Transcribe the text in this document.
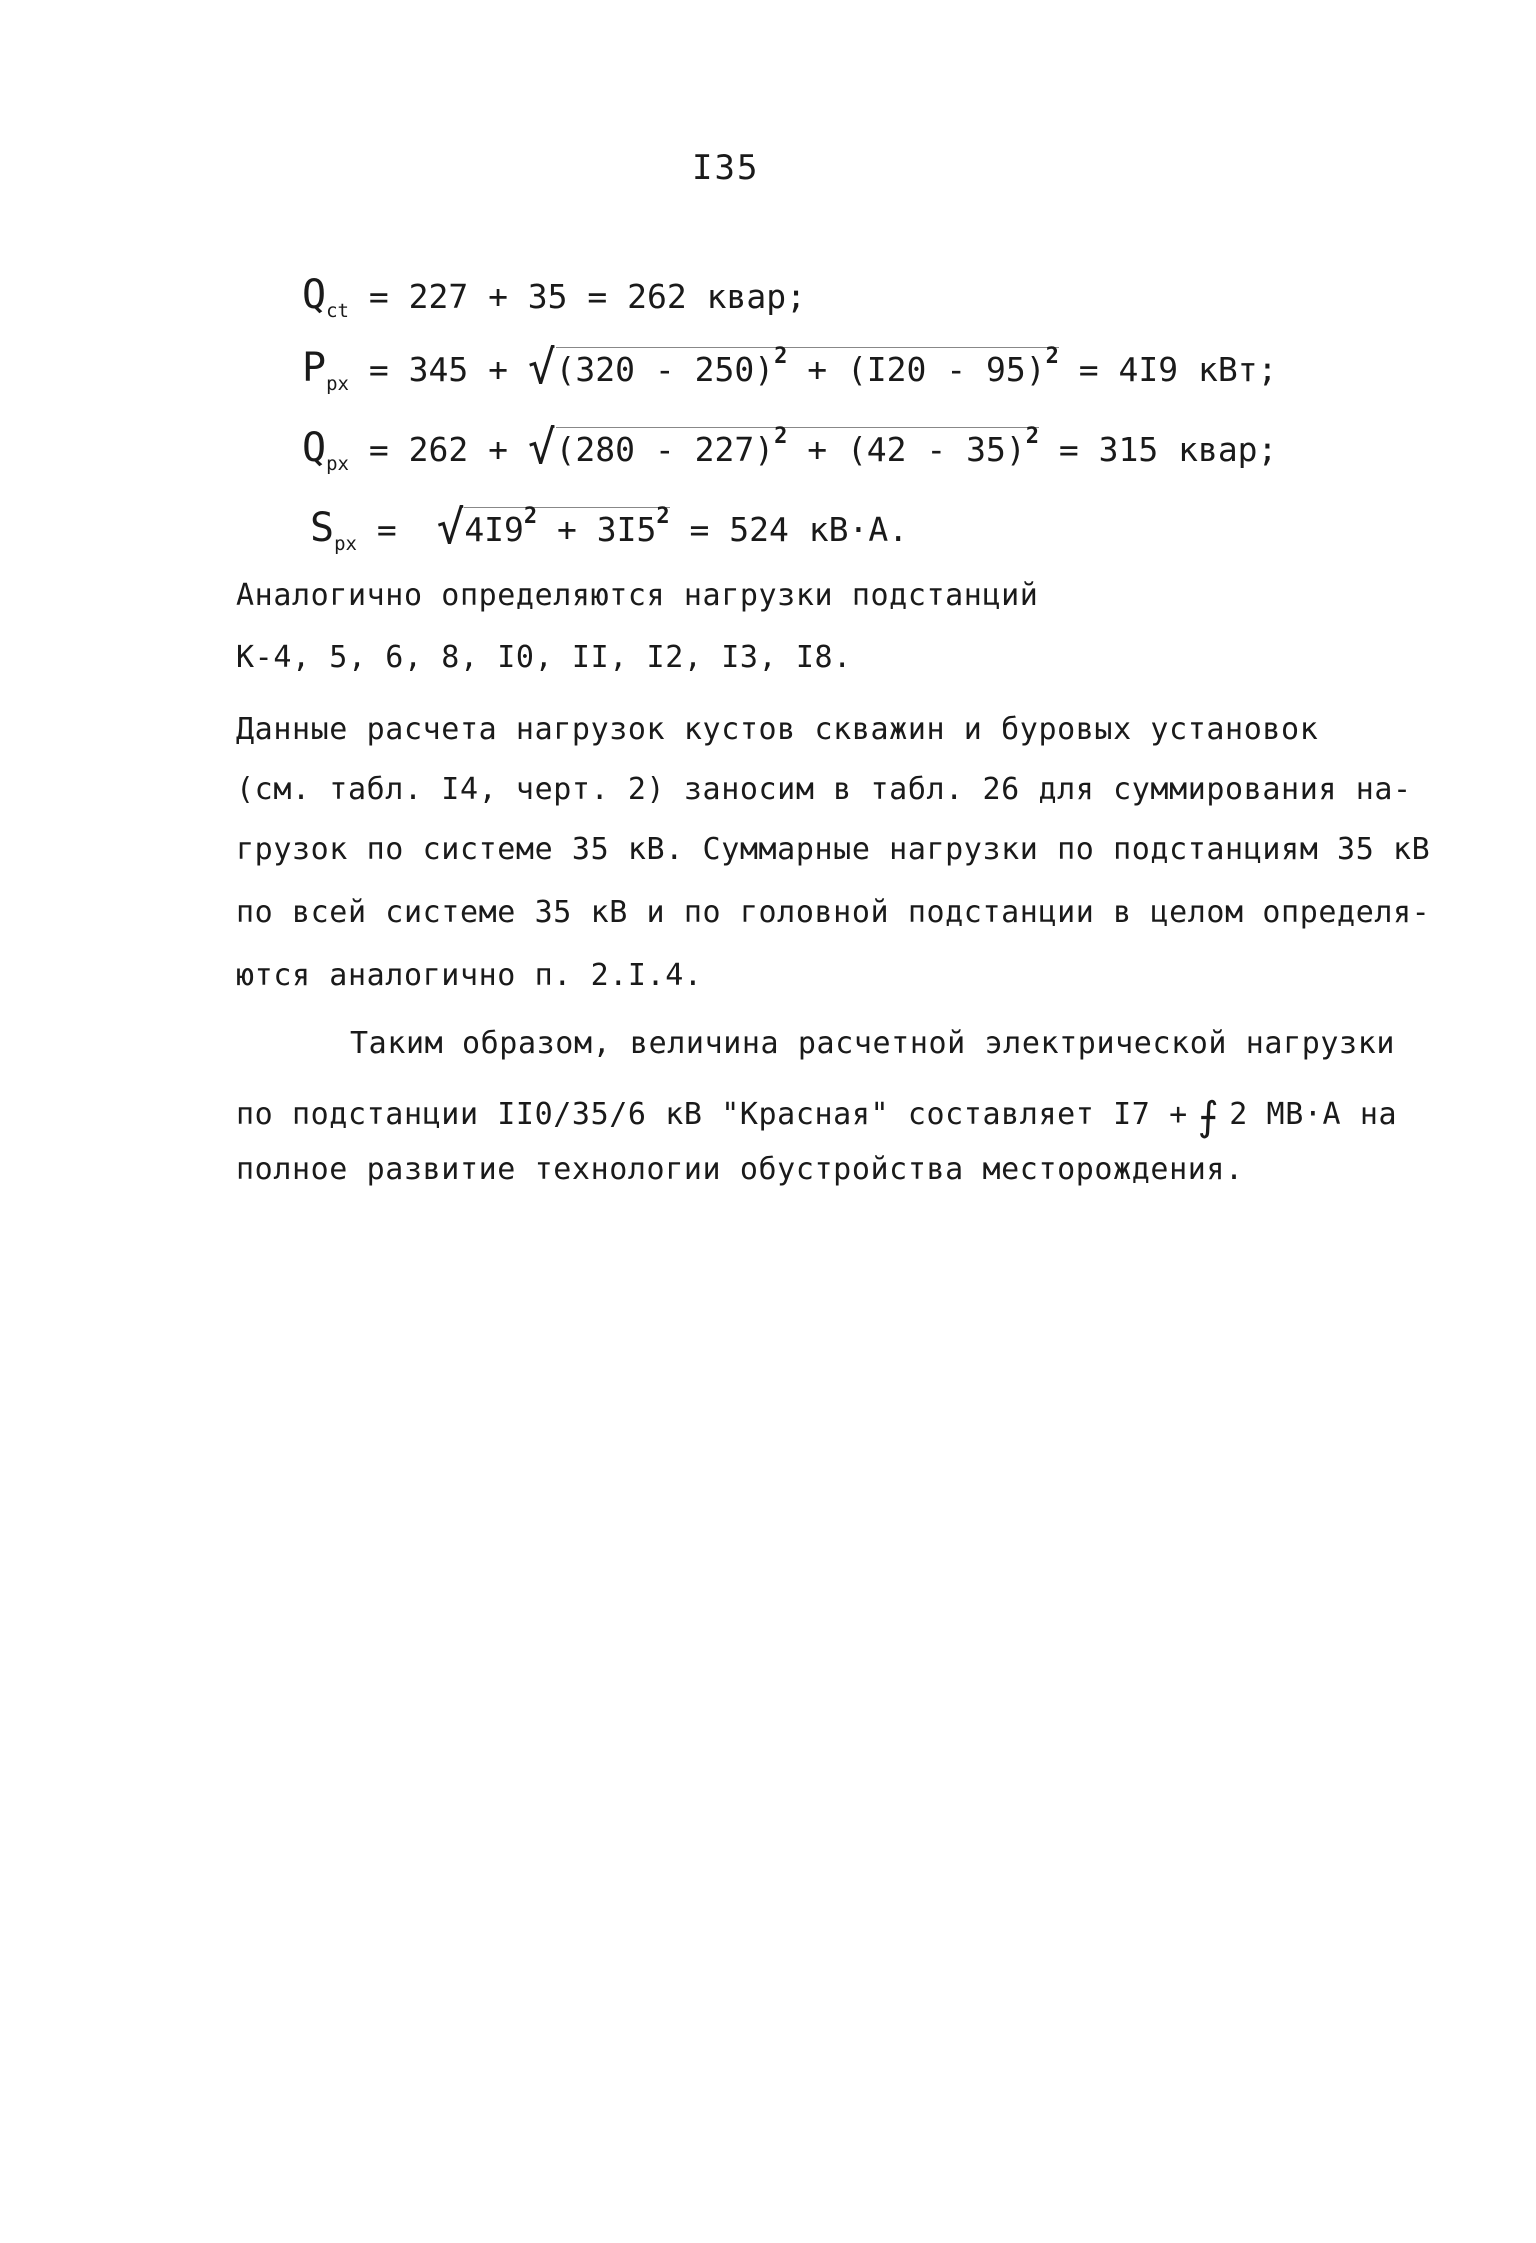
I35
$Q_{ct} = 227 + 35 = 262$ квар;
$P_{px} = 345 + √(320 - 250)^2 + (I20 - 95)^2 = 4I9$ кВт;
$Q_{px} = 262 + √(280 - 227)^2 + (42 - 35)^2 = 315$ квар;
$S_{px} = √4I9^2 + 3I5^2 = 524$ кВ·А.
Аналогично определяются нагрузки подстанций
К-4, 5, 6, 8, I0, II, I2, I3, I8.
Данные расчета нагрузок кустов скважин и буровых установок
(см. табл. I4, черт. 2) заносим в табл. 26 для суммирования на-
грузок по системе 35 кВ. Суммарные нагрузки по подстанциям 35 кВ
по всей системе 35 кВ и по головной подстанции в целом определя-
ются аналогично п. 2.I.4.
Таким образом, величина расчетной электрической нагрузки
по подстанции II0/35/6 кВ "Красная" составляет I7 + ⨍ 2 МВ·А на
полное развитие технологии обустройства месторождения.
